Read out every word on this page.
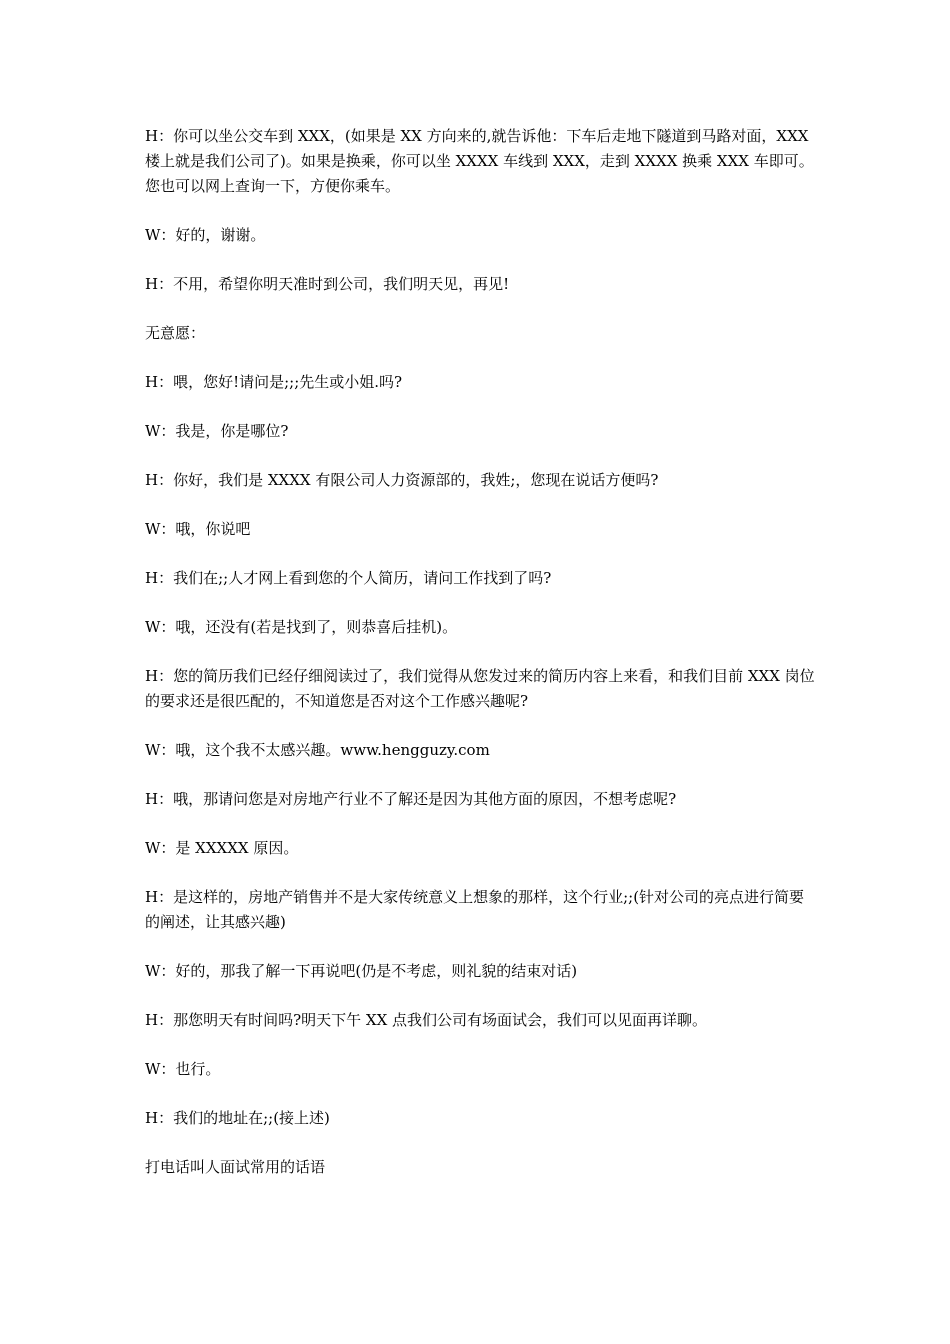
H：你可以坐公交车到 XXX，(如果是 XX 方向来的,就告诉他：下车后走地下隧道到马路对面，XXX 楼上就是我们公司了)。如果是换乘，你可以坐 XXXX 车线到 XXX，走到 XXXX 换乘 XXX 车即可。您也可以网上查询一下，方便你乘车。

W：好的，谢谢。

H：不用，希望你明天准时到公司，我们明天见，再见!

无意愿：

H：喂，您好!请问是;;;先生或小姐.吗?

W：我是，你是哪位?

H：你好，我们是 XXXX 有限公司人力资源部的，我姓;，您现在说话方便吗?

W：哦，你说吧

H：我们在;;人才网上看到您的个人简历，请问工作找到了吗?

W：哦，还没有(若是找到了，则恭喜后挂机)。

H：您的简历我们已经仔细阅读过了，我们觉得从您发过来的简历内容上来看，和我们目前 XXX 岗位的要求还是很匹配的，不知道您是否对这个工作感兴趣呢?

W：哦，这个我不太感兴趣。www.hengguzy.com

H：哦，那请问您是对房地产行业不了解还是因为其他方面的原因，不想考虑呢?

W：是 XXXXX 原因。

H：是这样的，房地产销售并不是大家传统意义上想象的那样，这个行业;;(针对公司的亮点进行简要的阐述，让其感兴趣)

W：好的，那我了解一下再说吧(仍是不考虑，则礼貌的结束对话)

H：那您明天有时间吗?明天下午 XX 点我们公司有场面试会，我们可以见面再详聊。

W：也行。

H：我们的地址在;;(接上述)

打电话叫人面试常用的话语
